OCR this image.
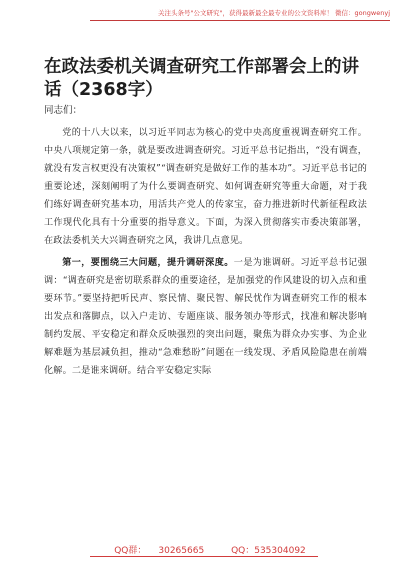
关注头条号"公文研究"，获得最新最全最专业的公文资料库！ 微信：gongwenyj
在政法委机关调查研究工作部署会上的讲话（2368字）
同志们：

党的十八大以来，以习近平同志为核心的党中央高度重视调查研究工作。中央八项规定第一条，就是要改进调查研究。习近平总书记指出，“没有调查，就没有发言权更没有决策权”“调查研究是做好工作的基本功”。习近平总书记的重要论述，深刻阐明了为什么要调查研究、如何调查研究等重大命题，对于我们练好调查研究基本功，用活共产党人的传家宝，奋力推进新时代新征程政法工作现代化具有十分重要的指导意义。下面，为深入贯彻落实市委决策部署，在政法委机关大兴调查研究之风，我讲几点意见。

第一，要围绕三大问题，提升调研深度。一是为谁调研。习近平总书记强调：“调查研究是密切联系群众的重要途径，是加强党的作风建设的切入点和重要环节。”要坚持把听民声、察民情、聚民智、解民忧作为调查研究工作的根本出发点和落脚点，以入户走访、专题座谈、服务领办等形式，找准和解决影响制约发展、平安稳定和群众反映强烈的突出问题，聚焦为群众办实事、为企业解难题为基层减负担，推动“急难愁盼”问题在一线发现、矛盾风险隐患在前端化解。二是谁来调研。结合平安稳定实际

QQ群： 30265665	QQ：535304092
